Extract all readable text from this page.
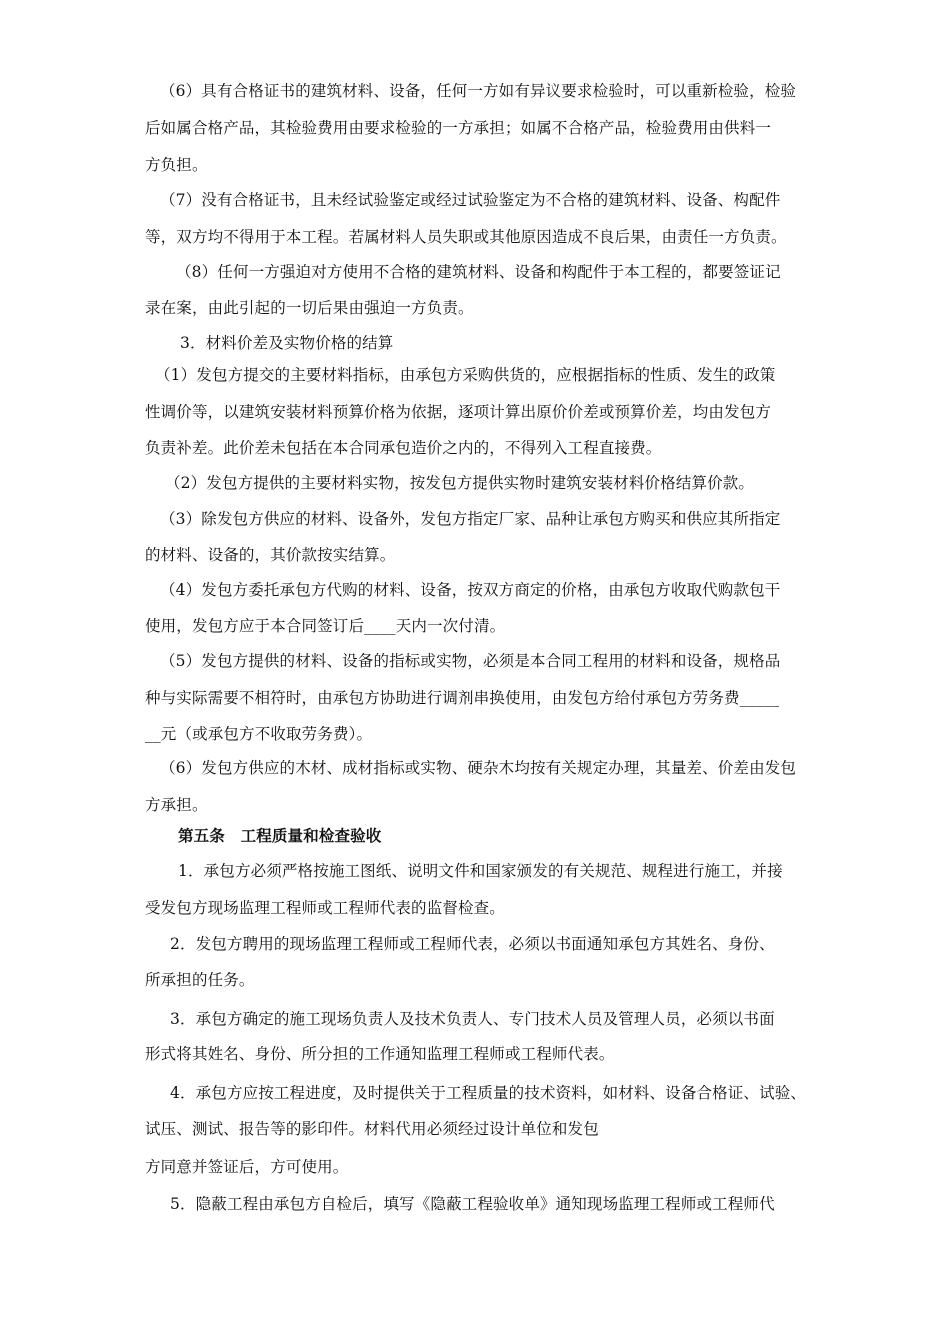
（6）具有合格证书的建筑材料、设备，任何一方如有异议要求检验时，可以重新检验，检验
后如属合格产品，其检验费用由要求检验的一方承担；如属不合格产品，检验费用由供料一
方负担。
（7）没有合格证书，且未经试验鉴定或经过试验鉴定为不合格的建筑材料、设备、构配件
等，双方均不得用于本工程。若属材料人员失职或其他原因造成不良后果，由责任一方负责。
（8）任何一方强迫对方使用不合格的建筑材料、设备和构配件于本工程的，都要签证记
录在案，由此引起的一切后果由强迫一方负责。
3．材料价差及实物价格的结算
（1）发包方提交的主要材料指标，由承包方采购供货的，应根据指标的性质、发生的政策
性调价等，以建筑安装材料预算价格为依据，逐项计算出原价价差或预算价差，均由发包方
负责补差。此价差未包括在本合同承包造价之内的，不得列入工程直接费。
（2）发包方提供的主要材料实物，按发包方提供实物时建筑安装材料价格结算价款。
（3）除发包方供应的材料、设备外，发包方指定厂家、品种让承包方购买和供应其所指定
的材料、设备的，其价款按实结算。
（4）发包方委托承包方代购的材料、设备，按双方商定的价格，由承包方收取代购款包干
使用，发包方应于本合同签订后____天内一次付清。
（5）发包方提供的材料、设备的指标或实物，必须是本合同工程用的材料和设备，规格品
种与实际需要不相符时，由承包方协助进行调剂串换使用，由发包方给付承包方劳务费_____
__元（或承包方不收取劳务费）。
（6）发包方供应的木材、成材指标或实物、硬杂木均按有关规定办理，其量差、价差由发包
方承担。
第五条　工程质量和检查验收
1．承包方必须严格按施工图纸、说明文件和国家颁发的有关规范、规程进行施工，并接
受发包方现场监理工程师或工程师代表的监督检查。
2．发包方聘用的现场监理工程师或工程师代表，必须以书面通知承包方其姓名、身份、
所承担的任务。
3．承包方确定的施工现场负责人及技术负责人、专门技术人员及管理人员，必须以书面
形式将其姓名、身份、所分担的工作通知监理工程师或工程师代表。
4．承包方应按工程进度，及时提供关于工程质量的技术资料，如材料、设备合格证、试验、
试压、测试、报告等的影印件。材料代用必须经过设计单位和发包
方同意并签证后，方可使用。
5．隐蔽工程由承包方自检后，填写《隐蔽工程验收单》通知现场监理工程师或工程师代
